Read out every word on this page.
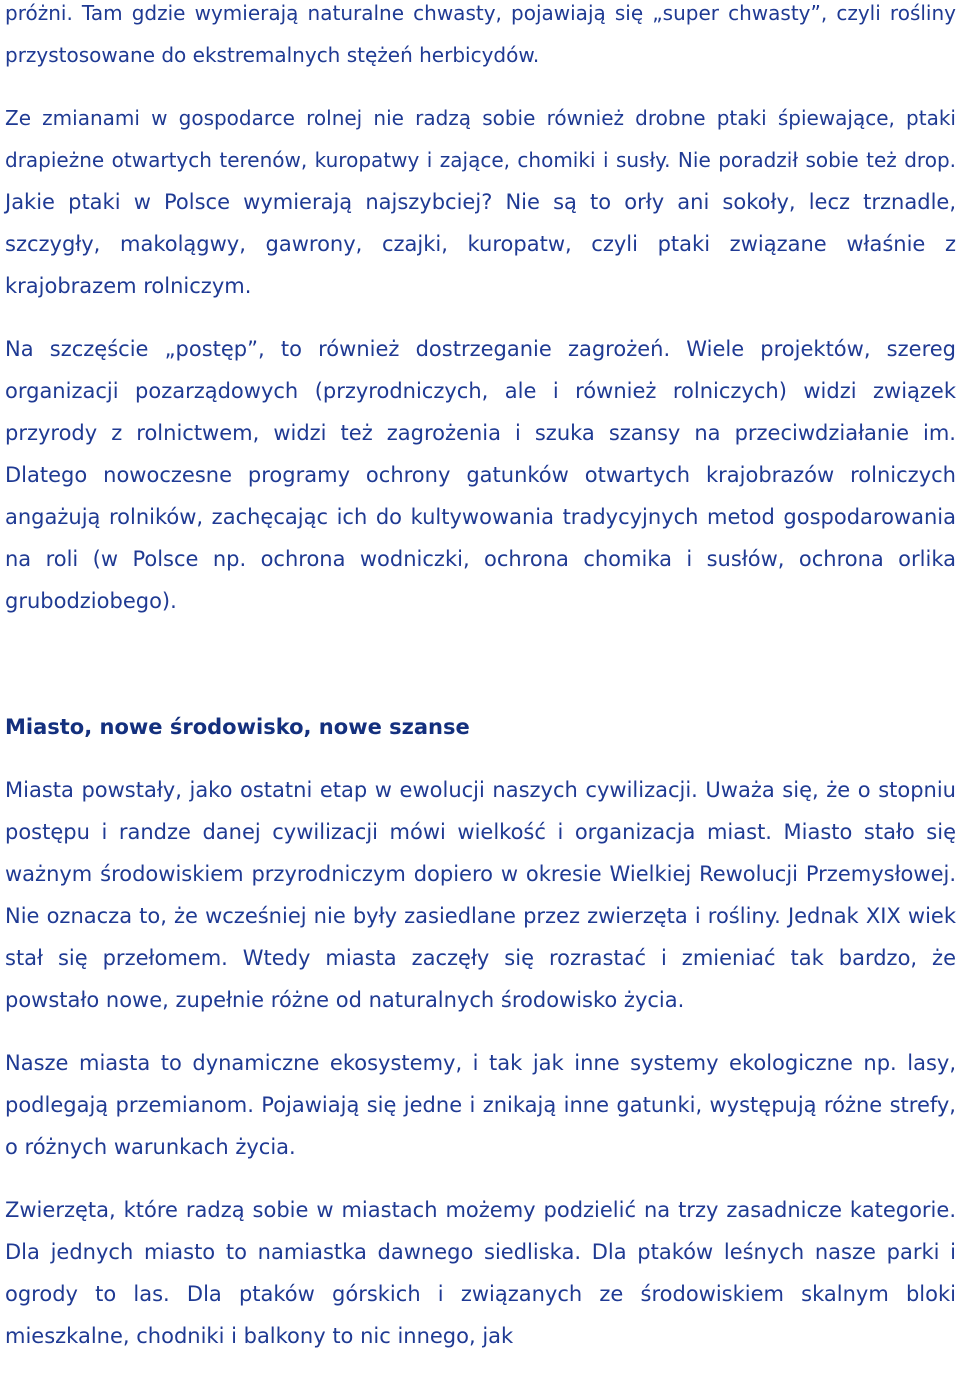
próżni. Tam gdzie wymierają naturalne chwasty, pojawiają się „super chwasty”, czyli rośliny przystosowane do ekstremalnych stężeń herbicydów.

Ze zmianami w gospodarce rolnej nie radzą sobie również drobne ptaki śpiewające, ptaki drapieżne otwartych terenów, kuropatwy i zające, chomiki i susły. Nie poradził sobie też drop. Jakie ptaki w Polsce wymierają najszybciej? Nie są to orły ani sokoły, lecz trznadle, szczygły, makolągwy, gawrony, czajki, kuropatw, czyli ptaki związane właśnie z krajobrazem rolniczym.

Na szczęście „postęp”, to również dostrzeganie zagrożeń. Wiele projektów, szereg organizacji pozarządowych (przyrodniczych, ale i również rolniczych) widzi związek przyrody z rolnictwem, widzi też zagrożenia i szuka szansy na przeciwdziałanie im. Dlatego nowoczesne programy ochrony gatunków otwartych krajobrazów rolniczych angażują rolników, zachęcając ich do kultywowania tradycyjnych metod gospodarowania na roli (w Polsce np. ochrona wodniczki, ochrona chomika i susłów, ochrona orlika grubodziobego).

Miasto, nowe środowisko, nowe szanse

Miasta powstały, jako ostatni etap w ewolucji naszych cywilizacji. Uważa się, że o stopniu postępu i randze danej cywilizacji mówi wielkość i organizacja miast. Miasto stało się ważnym środowiskiem przyrodniczym dopiero w okresie Wielkiej Rewolucji Przemysłowej. Nie oznacza to, że wcześniej nie były zasiedlane przez zwierzęta i rośliny. Jednak XIX wiek stał się przełomem. Wtedy miasta zaczęły się rozrastać i zmieniać tak bardzo, że powstało nowe, zupełnie różne od naturalnych środowisko życia.

Nasze miasta to dynamiczne ekosystemy, i tak jak inne systemy ekologiczne np. lasy, podlegają przemianom. Pojawiają się jedne i znikają inne gatunki, występują różne strefy, o różnych warunkach życia.

Zwierzęta, które radzą sobie w miastach możemy podzielić na trzy zasadnicze kategorie. Dla jednych miasto to namiastka dawnego siedliska. Dla ptaków leśnych nasze parki i ogrody to las. Dla ptaków górskich i związanych ze środowiskiem skalnym bloki mieszkalne, chodniki i balkony to nic innego, jak
